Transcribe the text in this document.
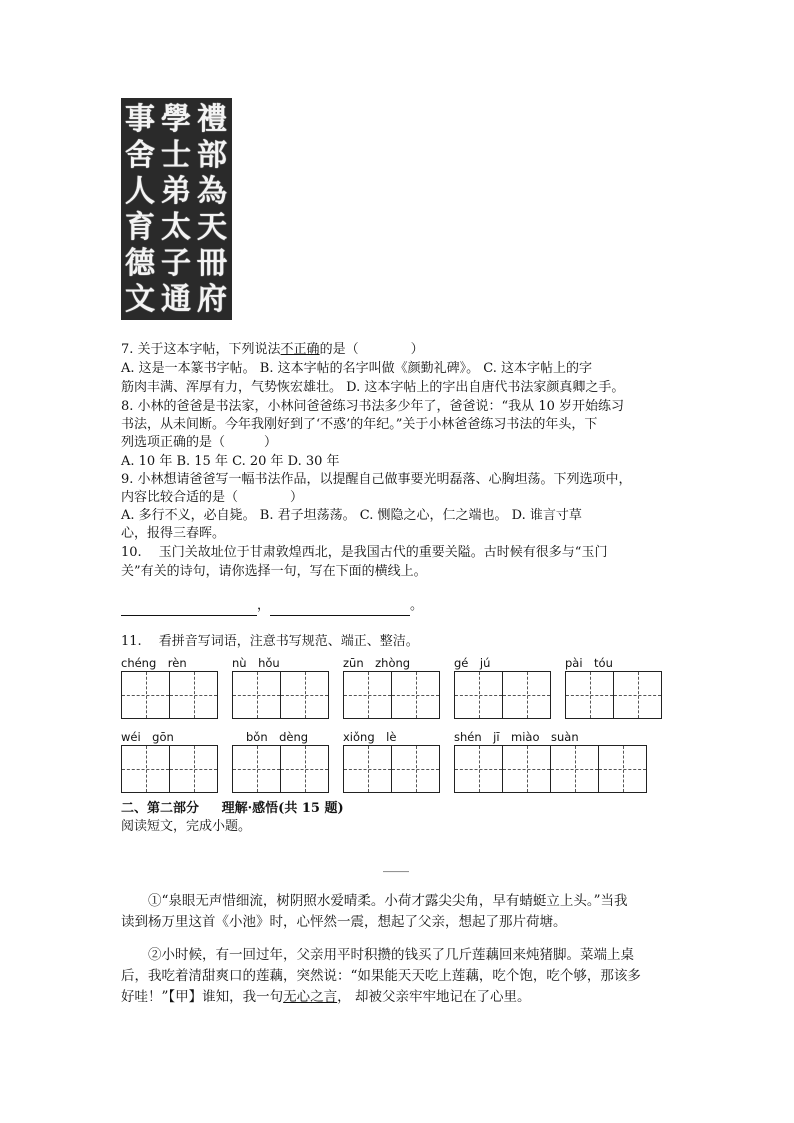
禮
部
為
天
冊
府
學
士
弟
太
子
通
事
舍
人
育
德
文
7. 关于这本字帖，下列说法不正确的是（　　　　）
A. 这是一本篆书字帖。 B. 这本字帖的名字叫做《颜勤礼碑》。 C. 这本字帖上的字
筋肉丰满、浑厚有力，气势恢宏雄壮。 D. 这本字帖上的字出自唐代书法家颜真卿之手。
8. 小林的爸爸是书法家，小林问爸爸练习书法多少年了，爸爸说：“我从 10 岁开始练习
书法，从未间断。今年我刚好到了‘不惑’的年纪。”关于小林爸爸练习书法的年头，下
列选项正确的是（　　　）
A. 10 年 B. 15 年 C. 20 年 D. 30 年
9. 小林想请爸爸写一幅书法作品，以提醒自己做事要光明磊落、心胸坦荡。下列选项中，
内容比较合适的是（　　　　）
A. 多行不义，必自毙。 B. 君子坦荡荡。 C. 恻隐之心，仁之端也。 D. 谁言寸草
心，报得三春晖。
10.　 玉门关故址位于甘肃敦煌西北，是我国古代的重要关隘。古时候有很多与“玉门
关”有关的诗句，请你选择一句，写在下面的横线上。
，	。
11.　 看拼音写词语，注意书写规范、端正、整洁。
chéng　rèn	nù　hǒu	zūn　zhòng	gé　jú	pài　tóu
wéi　gōn	bǒn　dèng	xiǒng　lè	shén　jī　miào　suàn
二、第二部分 理解·感悟(共 15 题)
阅读短文，完成小题。
____
①“泉眼无声惜细流，树阴照水爱晴柔。小荷才露尖尖角，早有蜻蜓立上头。”当我
读到杨万里这首《小池》时，心怦然一震，想起了父亲，想起了那片荷塘。
②小时候，有一回过年，父亲用平时积攒的钱买了几斤莲藕回来炖猪脚。菜端上桌
后，我吃着清甜爽口的莲藕，突然说：“如果能天天吃上莲藕，吃个饱，吃个够，那该多
好哇！”【甲】谁知，我一句无心之言， 却被父亲牢牢地记在了心里。
